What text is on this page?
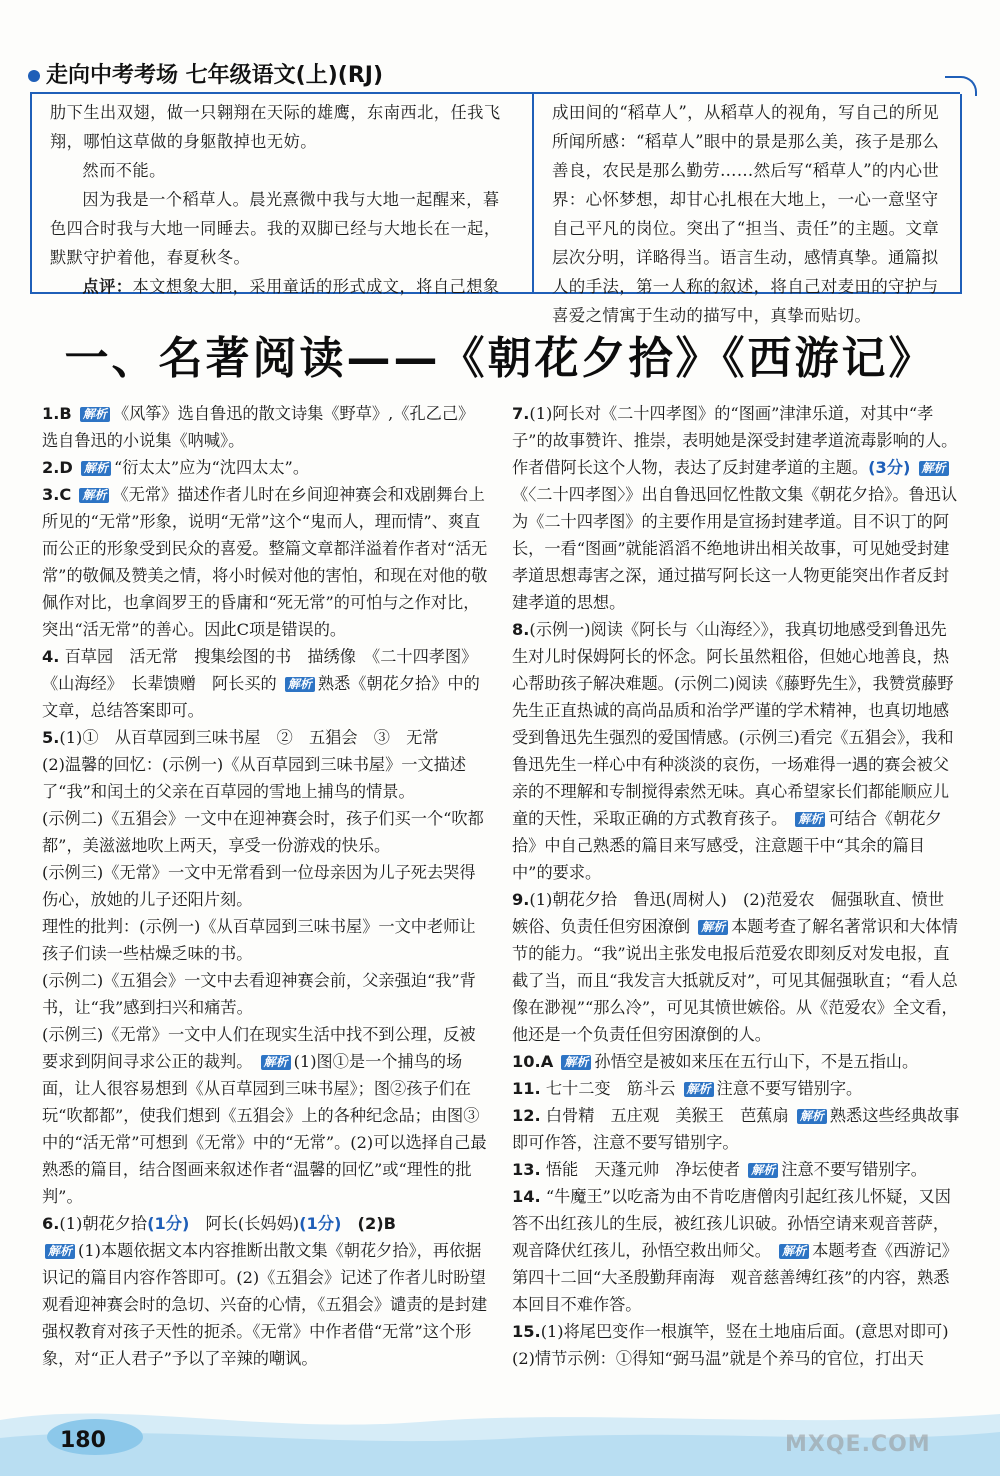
走向中考考场 七年级语文(上)(RJ)

肋下生出双翅，做一只翱翔在天际的雄鹰，东南西北，任我飞翔，哪怕这草做的身躯散掉也无妨。

然而不能。

因为我是一个稻草人。晨光熹微中我与大地一起醒来，暮色四合时我与大地一同睡去。我的双脚已经与大地长在一起，默默守护着他，春夏秋冬。

点评：本文想象大胆，采用童话的形式成文，将自己想象

成田间的“稻草人”，从稻草人的视角，写自己的所见所闻所感：“稻草人”眼中的景是那么美，孩子是那么善良，农民是那么勤劳……然后写“稻草人”的内心世界：心怀梦想，却甘心扎根在大地上，一心一意坚守自己平凡的岗位。突出了“担当、责任”的主题。文章层次分明，详略得当。语言生动，感情真挚。通篇拟人的手法，第一人称的叙述，将自己对麦田的守护与喜爱之情寓于生动的描写中，真挚而贴切。
一、名著阅读——《朝花夕拾》《西游记》

1.B 解析 《风筝》选自鲁迅的散文诗集《野草》,《孔乙己》选自鲁迅的小说集《呐喊》。

2.D 解析 “衍太太”应为“沈四太太”。

3.C 解析 《无常》描述作者儿时在乡间迎神赛会和戏剧舞台上所见的“无常”形象，说明“无常”这个“鬼而人，理而情”、爽直而公正的形象受到民众的喜爱。整篇文章都洋溢着作者对“活无常”的敬佩及赞美之情，将小时候对他的害怕，和现在对他的敬佩作对比，也拿阎罗王的昏庸和“死无常”的可怕与之作对比，突出“活无常”的善心。因此C项是错误的。

4. 百草园　活无常　搜集绘图的书　描绣像　《二十四孝图》　《山海经》　长辈馈赠　阿长买的 解析 熟悉《朝花夕拾》中的文章，总结答案即可。

5.(1)①　从百草园到三味书屋　②　五猖会　③　无常

(2)温馨的回忆：(示例一)《从百草园到三味书屋》一文描述了“我”和闰土的父亲在百草园的雪地上捕鸟的情景。

(示例二)《五猖会》一文中在迎神赛会时，孩子们买一个“吹都都”，美滋滋地吹上两天，享受一份游戏的快乐。

(示例三)《无常》一文中无常看到一位母亲因为儿子死去哭得伤心，放她的儿子还阳片刻。

理性的批判：(示例一)《从百草园到三味书屋》一文中老师让孩子们读一些枯燥乏味的书。

(示例二)《五猖会》一文中去看迎神赛会前，父亲强迫“我”背书，让“我”感到扫兴和痛苦。

(示例三)《无常》一文中人们在现实生活中找不到公理，反被要求到阴间寻求公正的裁判。 解析 (1)图①是一个捕鸟的场面，让人很容易想到《从百草园到三味书屋》；图②孩子们在玩“吹都都”，使我们想到《五猖会》上的各种纪念品；由图③中的“活无常”可想到《无常》中的“无常”。(2)可以选择自己最熟悉的篇目，结合图画来叙述作者“温馨的回忆”或“理性的批判”。

6.(1)朝花夕拾(1分)　阿长(长妈妈)(1分)　(2)B

解析 (1)本题依据文本内容推断出散文集《朝花夕拾》，再依据识记的篇目内容作答即可。(2)《五猖会》记述了作者儿时盼望观看迎神赛会时的急切、兴奋的心情，《五猖会》谴责的是封建强权教育对孩子天性的扼杀。《无常》中作者借“无常”这个形象，对“正人君子”予以了辛辣的嘲讽。

7.(1)阿长对《二十四孝图》的“图画”津津乐道，对其中“孝子”的故事赞许、推崇，表明她是深受封建孝道流毒影响的人。作者借阿长这个人物，表达了反封建孝道的主题。(3分) 解析《〈二十四孝图〉》出自鲁迅回忆性散文集《朝花夕拾》。鲁迅认为《二十四孝图》的主要作用是宣扬封建孝道。目不识丁的阿长，一看“图画”就能滔滔不绝地讲出相关故事，可见她受封建孝道思想毒害之深，通过描写阿长这一人物更能突出作者反封建孝道的思想。

8.(示例一)阅读《阿长与〈山海经〉》，我真切地感受到鲁迅先生对儿时保姆阿长的怀念。阿长虽然粗俗，但她心地善良，热心帮助孩子解决难题。(示例二)阅读《藤野先生》，我赞赏藤野先生正直热诚的高尚品质和治学严谨的学术精神，也真切地感受到鲁迅先生强烈的爱国情感。(示例三)看完《五猖会》，我和鲁迅先生一样心中有种淡淡的哀伤，一场难得一遇的赛会被父亲的不理解和专制搅得索然无味。真心希望家长们都能顺应儿童的天性，采取正确的方式教育孩子。 解析 可结合《朝花夕拾》中自己熟悉的篇目来写感受，注意题干中“其余的篇目中”的要求。

9.(1)朝花夕拾　鲁迅(周树人)　(2)范爱农　倔强耿直、愤世嫉俗、负责任但穷困潦倒 解析 本题考查了解名著常识和大体情节的能力。“我”说出主张发电报后范爱农即刻反对发电报，直截了当，而且“我发言大抵就反对”，可见其倔强耿直；“看人总像在渺视”“那么冷”，可见其愤世嫉俗。从《范爱农》全文看，他还是一个负责任但穷困潦倒的人。

10.A 解析 孙悟空是被如来压在五行山下，不是五指山。

11. 七十二变　筋斗云 解析 注意不要写错别字。

12. 白骨精　五庄观　美猴王　芭蕉扇 解析 熟悉这些经典故事即可作答，注意不要写错别字。

13. 悟能　天蓬元帅　净坛使者 解析 注意不要写错别字。

14. “牛魔王”以吃斋为由不肯吃唐僧肉引起红孩儿怀疑，又因答不出红孩儿的生辰，被红孩儿识破。孙悟空请来观音菩萨，观音降伏红孩儿，孙悟空救出师父。 解析 本题考查《西游记》第四十二回“大圣殷勤拜南海　观音慈善缚红孩”的内容，熟悉本回目不难作答。

15.(1)将尾巴变作一根旗竿，竖在土地庙后面。(意思对即可)

(2)情节示例：①得知“弼马温”就是个养马的官位，打出天

180	MXQE.COM
